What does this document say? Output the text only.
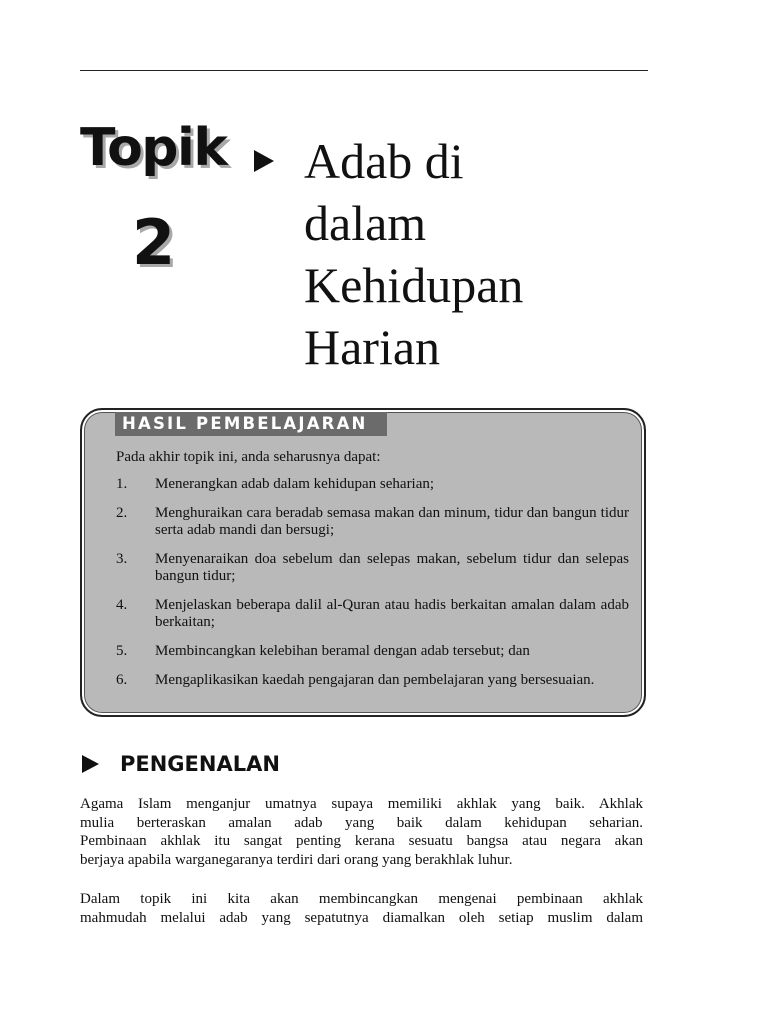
Topik
2
Adab di
dalam
Kehidupan
Harian
HASIL PEMBELAJARAN
Pada akhir topik ini, anda seharusnya dapat:
1.	Menerangkan adab dalam kehidupan seharian;
2.	Menghuraikan cara beradab semasa makan dan minum, tidur dan bangun tidur serta adab mandi dan bersugi;
3.	Menyenaraikan doa sebelum dan selepas makan, sebelum tidur dan selepas bangun tidur;
4.	Menjelaskan beberapa dalil al-Quran atau hadis berkaitan amalan dalam adab berkaitan;
5.	Membincangkan kelebihan beramal dengan adab tersebut; dan
6.	Mengaplikasikan kaedah pengajaran dan pembelajaran yang bersesuaian.
PENGENALAN

Agama Islam menganjur umatnya supaya memiliki akhlak yang baik. Akhlak
mulia berteraskan amalan adab yang baik dalam kehidupan seharian.
Pembinaan akhlak itu sangat penting kerana sesuatu bangsa atau negara akan
berjaya apabila warganegaranya terdiri dari orang yang berakhlak luhur.

Dalam topik ini kita akan membincangkan mengenai pembinaan akhlak
mahmudah melalui adab yang sepatutnya diamalkan oleh setiap muslim dalam
